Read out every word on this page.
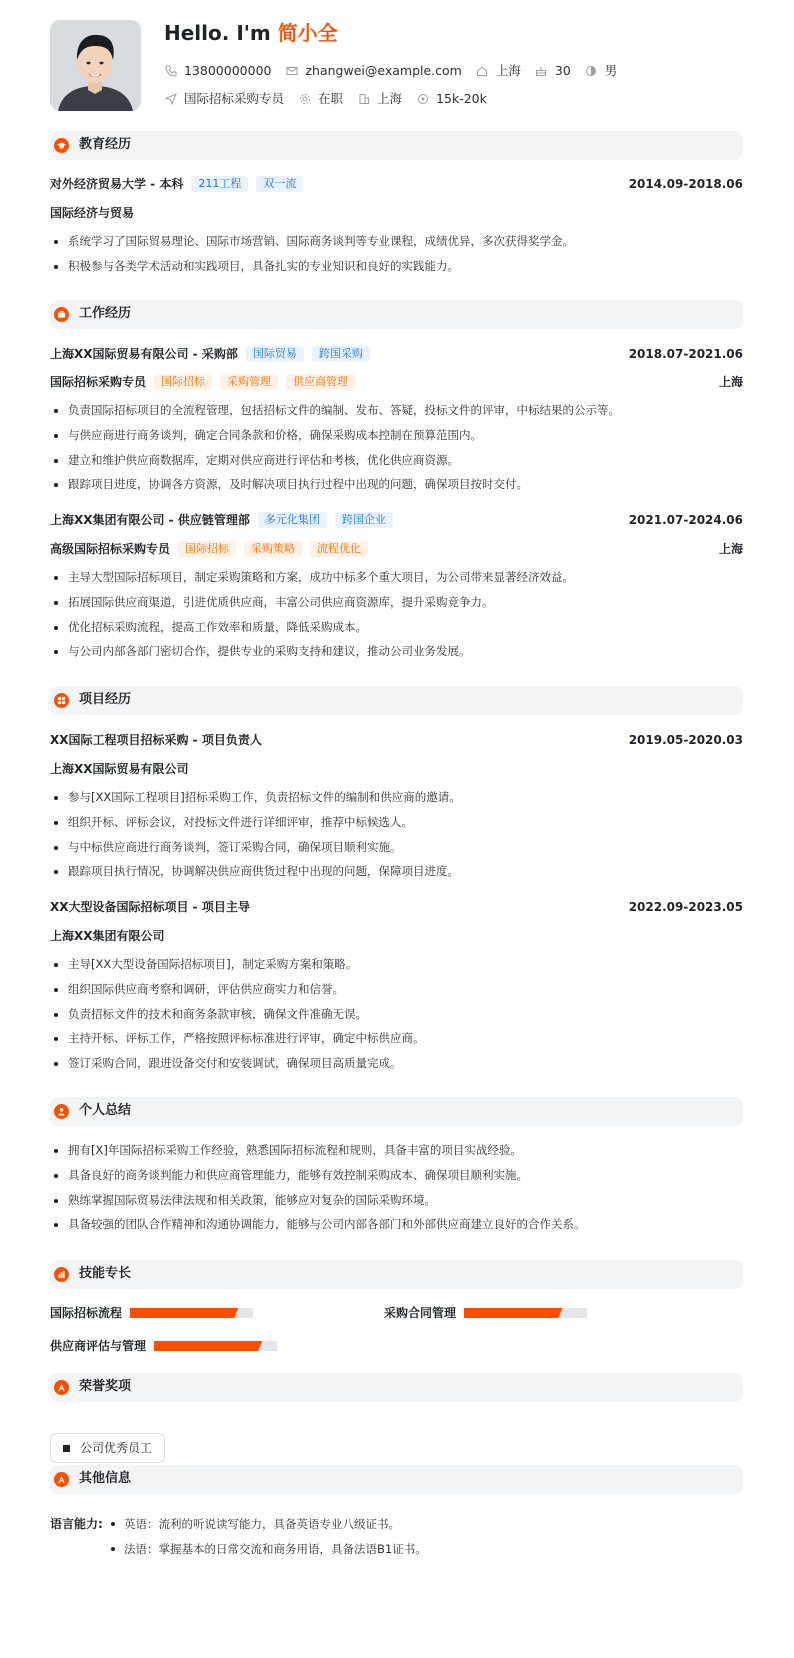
Hello. I'm 简小全
13800000000	zhangwei@example.com	上海	30	男
国际招标采购专员	在职	上海	15k-20k
教育经历
对外经济贸易大学 - 本科	211工程	双一流	2014.09-2018.06
国际经济与贸易
系统学习了国际贸易理论、国际市场营销、国际商务谈判等专业课程，成绩优异，多次获得奖学金。
积极参与各类学术活动和实践项目，具备扎实的专业知识和良好的实践能力。
工作经历
上海XX国际贸易有限公司 - 采购部	国际贸易	跨国采购	2018.07-2021.06
国际招标采购专员	国际招标	采购管理	供应商管理	上海
负责国际招标项目的全流程管理，包括招标文件的编制、发布、答疑，投标文件的评审，中标结果的公示等。
与供应商进行商务谈判，确定合同条款和价格，确保采购成本控制在预算范围内。
建立和维护供应商数据库，定期对供应商进行评估和考核，优化供应商资源。
跟踪项目进度，协调各方资源，及时解决项目执行过程中出现的问题，确保项目按时交付。
上海XX集团有限公司 - 供应链管理部	多元化集团	跨国企业	2021.07-2024.06
高级国际招标采购专员	国际招标	采购策略	流程优化	上海
主导大型国际招标项目，制定采购策略和方案，成功中标多个重大项目，为公司带来显著经济效益。
拓展国际供应商渠道，引进优质供应商，丰富公司供应商资源库，提升采购竞争力。
优化招标采购流程，提高工作效率和质量，降低采购成本。
与公司内部各部门密切合作，提供专业的采购支持和建议，推动公司业务发展。
项目经历
XX国际工程项目招标采购 - 项目负责人	2019.05-2020.03
上海XX国际贸易有限公司
参与[XX国际工程项目]招标采购工作，负责招标文件的编制和供应商的邀请。
组织开标、评标会议，对投标文件进行详细评审，推荐中标候选人。
与中标供应商进行商务谈判，签订采购合同，确保项目顺利实施。
跟踪项目执行情况，协调解决供应商供货过程中出现的问题，保障项目进度。
XX大型设备国际招标项目 - 项目主导	2022.09-2023.05
上海XX集团有限公司
主导[XX大型设备国际招标项目]，制定采购方案和策略。
组织国际供应商考察和调研，评估供应商实力和信誉。
负责招标文件的技术和商务条款审核，确保文件准确无误。
主持开标、评标工作，严格按照评标标准进行评审，确定中标供应商。
签订采购合同，跟进设备交付和安装调试，确保项目高质量完成。
个人总结
拥有[X]年国际招标采购工作经验，熟悉国际招标流程和规则，具备丰富的项目实战经验。
具备良好的商务谈判能力和供应商管理能力，能够有效控制采购成本、确保项目顺利实施。
熟练掌握国际贸易法律法规和相关政策，能够应对复杂的国际采购环境。
具备较强的团队合作精神和沟通协调能力，能够与公司内部各部门和外部供应商建立良好的合作关系。
技能专长
国际招标流程	采购合同管理
供应商评估与管理
荣誉奖项
公司优秀员工
其他信息
语言能力:	英语：流利的听说读写能力，具备英语专业八级证书。
法语：掌握基本的日常交流和商务用语，具备法语B1证书。
